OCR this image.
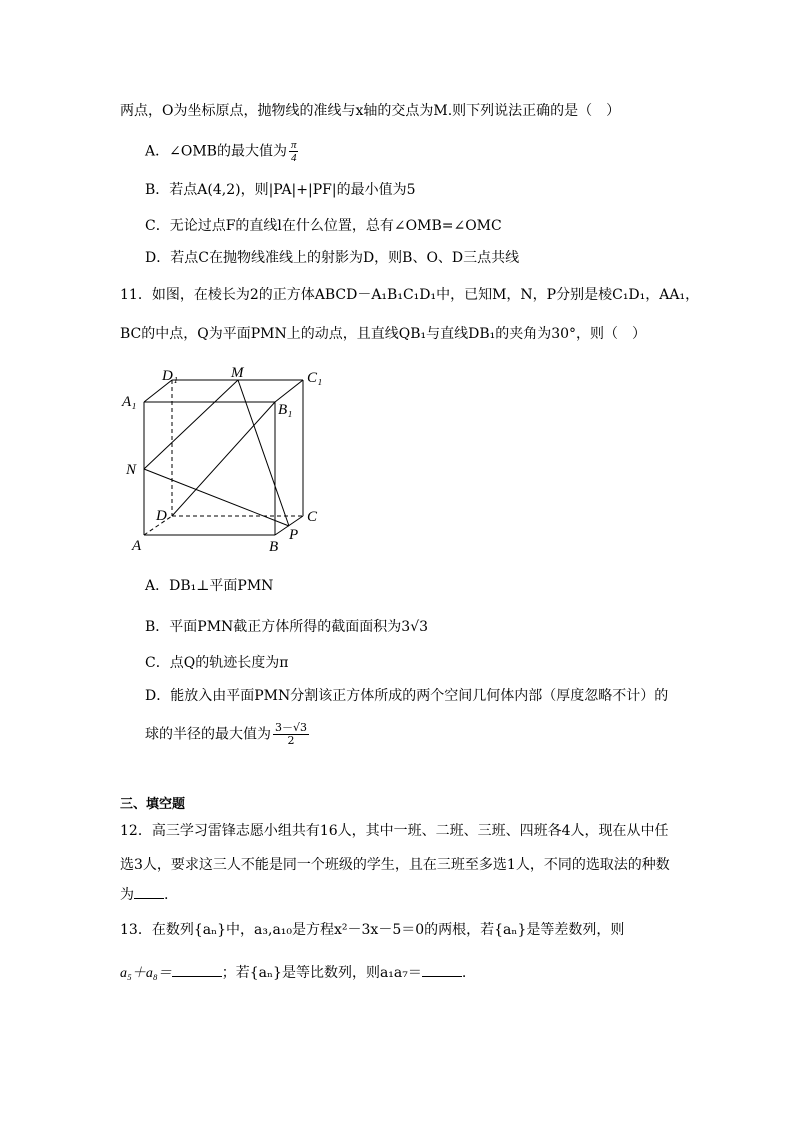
两点，O为坐标原点，抛物线的准线与x轴的交点为M.则下列说法正确的是（　）
A．∠OMB的最大值为 $\frac{\pi}{4}$
B．若点A(4,2)，则|PA|+|PF|的最小值为5
C．无论过点F的直线l在什么位置，总有∠OMB=∠OMC
D．若点C在抛物线准线上的射影为D，则B、O、D三点共线
11．如图，在棱长为2的正方体ABCD－A₁B₁C₁D₁中，已知M，N，P分别是棱C₁D₁，AA₁，
BC的中点，Q为平面PMN上的动点，且直线QB₁与直线DB₁的夹角为30°，则（　）
D₁	M	C₁
A₁	B₁
N
D	C
A	B
P
A．DB₁⊥平面PMN
B．平面PMN截正方体所得的截面面积为3√3
C．点Q的轨迹长度为π
D．能放入由平面PMN分割该正方体所成的两个空间几何体内部（厚度忽略不计）的
球的半径的最大值为 $\frac{3-√3}{2}$
三、填空题
12．高三学习雷锋志愿小组共有16人，其中一班、二班、三班、四班各4人，现在从中任
选3人，要求这三人不能是同一个班级的学生，且在三班至多选1人，不同的选取法的种数
为 .
13．在数列{aₙ}中，a₃,a₁₀是方程x²－3x－5＝0的两根，若{aₙ}是等差数列，则
a₅＋a₈＝	；若{aₙ}是等比数列，则a₁a₇＝	.
